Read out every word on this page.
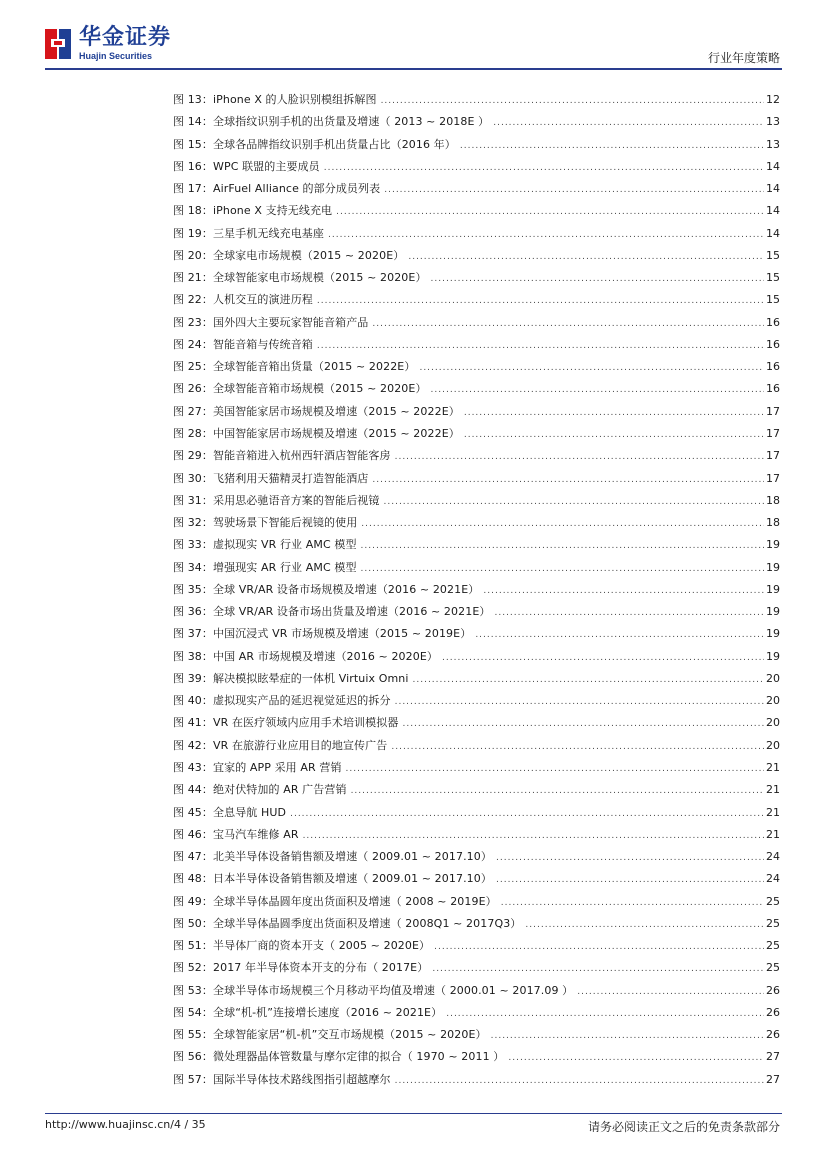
华金证券
Huajin Securities	行业年度策略
图 13：iPhone X 的人脸识别模组拆解图 .....	12
图 14：全球指纹识别手机的出货量及增速（ 2013 ~ 2018E ） .....	13
图 15：全球各品牌指纹识别手机出货量占比（2016 年） .....	13
图 16：WPC 联盟的主要成员 .....	14
图 17：AirFuel Alliance 的部分成员列表 .....	14
图 18：iPhone X 支持无线充电 .....	14
图 19：三星手机无线充电基座 .....	14
图 20：全球家电市场规模（2015 ~ 2020E） .....	15
图 21：全球智能家电市场规模（2015 ~ 2020E） .....	15
图 22：人机交互的演进历程 .....	15
图 23：国外四大主要玩家智能音箱产品 .....	16
图 24：智能音箱与传统音箱 .....	16
图 25：全球智能音箱出货量（2015 ~ 2022E） .....	16
图 26：全球智能音箱市场规模（2015 ~ 2020E） .....	16
图 27：美国智能家居市场规模及增速（2015 ~ 2022E） .....	17
图 28：中国智能家居市场规模及增速（2015 ~ 2022E） .....	17
图 29：智能音箱进入杭州西轩酒店智能客房 .....	17
图 30：飞猪利用天猫精灵打造智能酒店 .....	17
图 31：采用思必驰语音方案的智能后视镜 .....	18
图 32：驾驶场景下智能后视镜的使用 .....	18
图 33：虚拟现实 VR 行业 AMC 模型 .....	19
图 34：增强现实 AR 行业 AMC 模型 .....	19
图 35：全球 VR/AR 设备市场规模及增速（2016 ~ 2021E） .....	19
图 36：全球 VR/AR 设备市场出货量及增速（2016 ~ 2021E） .....	19
图 37：中国沉浸式 VR 市场规模及增速（2015 ~ 2019E） .....	19
图 38：中国 AR 市场规模及增速（2016 ~ 2020E） .....	19
图 39：解决模拟眩晕症的一体机 Virtuix Omni .....	20
图 40：虚拟现实产品的延迟视觉延迟的拆分 .....	20
图 41：VR 在医疗领域内应用手术培训模拟器 .....	20
图 42：VR 在旅游行业应用目的地宣传广告 .....	20
图 43：宜家的 APP 采用 AR 营销 .....	21
图 44：绝对伏特加的 AR 广告营销 .....	21
图 45：全息导航 HUD .....	21
图 46：宝马汽车维修 AR .....	21
图 47：北美半导体设备销售额及增速（ 2009.01 ~ 2017.10） .....	24
图 48：日本半导体设备销售额及增速（ 2009.01 ~ 2017.10） .....	24
图 49：全球半导体晶圆年度出货面积及增速（ 2008 ~ 2019E） .....	25
图 50：全球半导体晶圆季度出货面积及增速（ 2008Q1 ~ 2017Q3） .....	25
图 51：半导体厂商的资本开支（ 2005 ~ 2020E） .....	25
图 52：2017 年半导体资本开支的分布（ 2017E） .....	25
图 53：全球半导体市场规模三个月移动平均值及增速（ 2000.01 ~ 2017.09 ） .....	26
图 54：全球“机-机”连接增长速度（2016 ~ 2021E） .....	26
图 55：全球智能家居“机-机”交互市场规模（2015 ~ 2020E） .....	26
图 56：微处理器晶体管数量与摩尔定律的拟合（ 1970 ~ 2011 ） .....	27
图 57：国际半导体技术路线图指引超越摩尔 .....	27
http://www.huajinsc.cn/4 / 35	请务必阅读正文之后的免责条款部分
